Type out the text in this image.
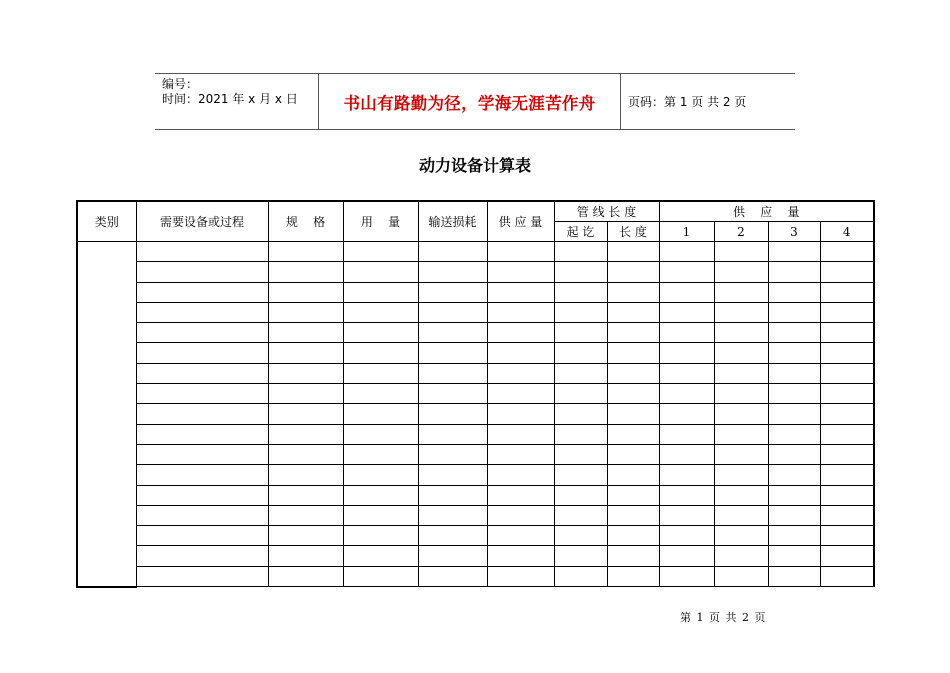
编号：
时间：2021 年 x 月 x 日	书山有路勤为径，学海无涯苦作舟	页码：第 1 页 共 2 页
动力设备计算表
类别	需要设备或过程	规    格	用    量	输送损耗	供 应 量	管 线 长 度		供    应    量			
						起 讫	长 度	1	2	3	4

第 1 页 共 2 页
